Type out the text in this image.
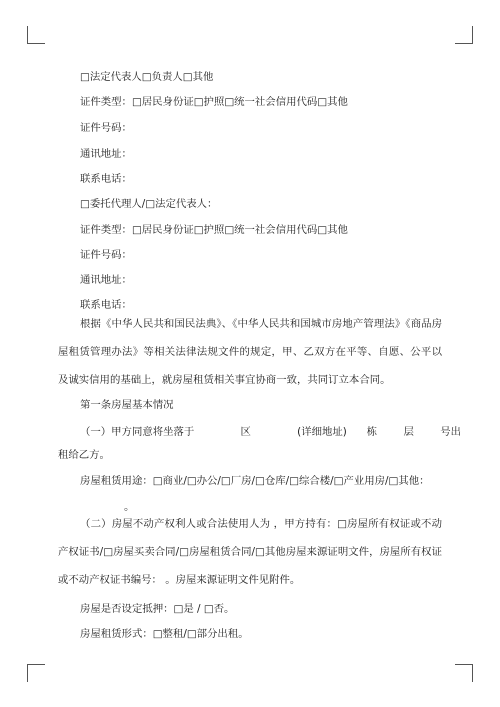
□法定代表人□负责人□其他
证件类型：□居民身份证□护照□统一社会信用代码□其他
证件号码：
通讯地址：
联系电话：
□委托代理人/□法定代表人：
证件类型：□居民身份证□护照□统一社会信用代码□其他
证件号码：
通讯地址：
联系电话：
根据《中华人民共和国民法典》、《中华人民共和国城市房地产管理法》《商品房屋租赁管理办法》等相关法律法规文件的规定，甲、乙双方在平等、自愿、公平以及诚实信用的基础上，就房屋租赁相关事宜协商一致，共同订立本合同。
第一条房屋基本情况
（一）甲方同意将坐落于              区              (详细地址)      栋        层        号出
租给乙方。
房屋租赁用途：□商业/□办公/□厂房/□仓库/□综合楼/□产业用房/□其他：
。
（二）房屋不动产权利人或合法使用人为 ，甲方持有：□房屋所有权证或不动产权证书/□房屋买卖合同/□房屋租赁合同/□其他房屋来源证明文件，房屋所有权证或不动产权证书编号： 。房屋来源证明文件见附件。
房屋是否设定抵押：□是 / □否。
房屋租赁形式：□整租/□部分出租。
